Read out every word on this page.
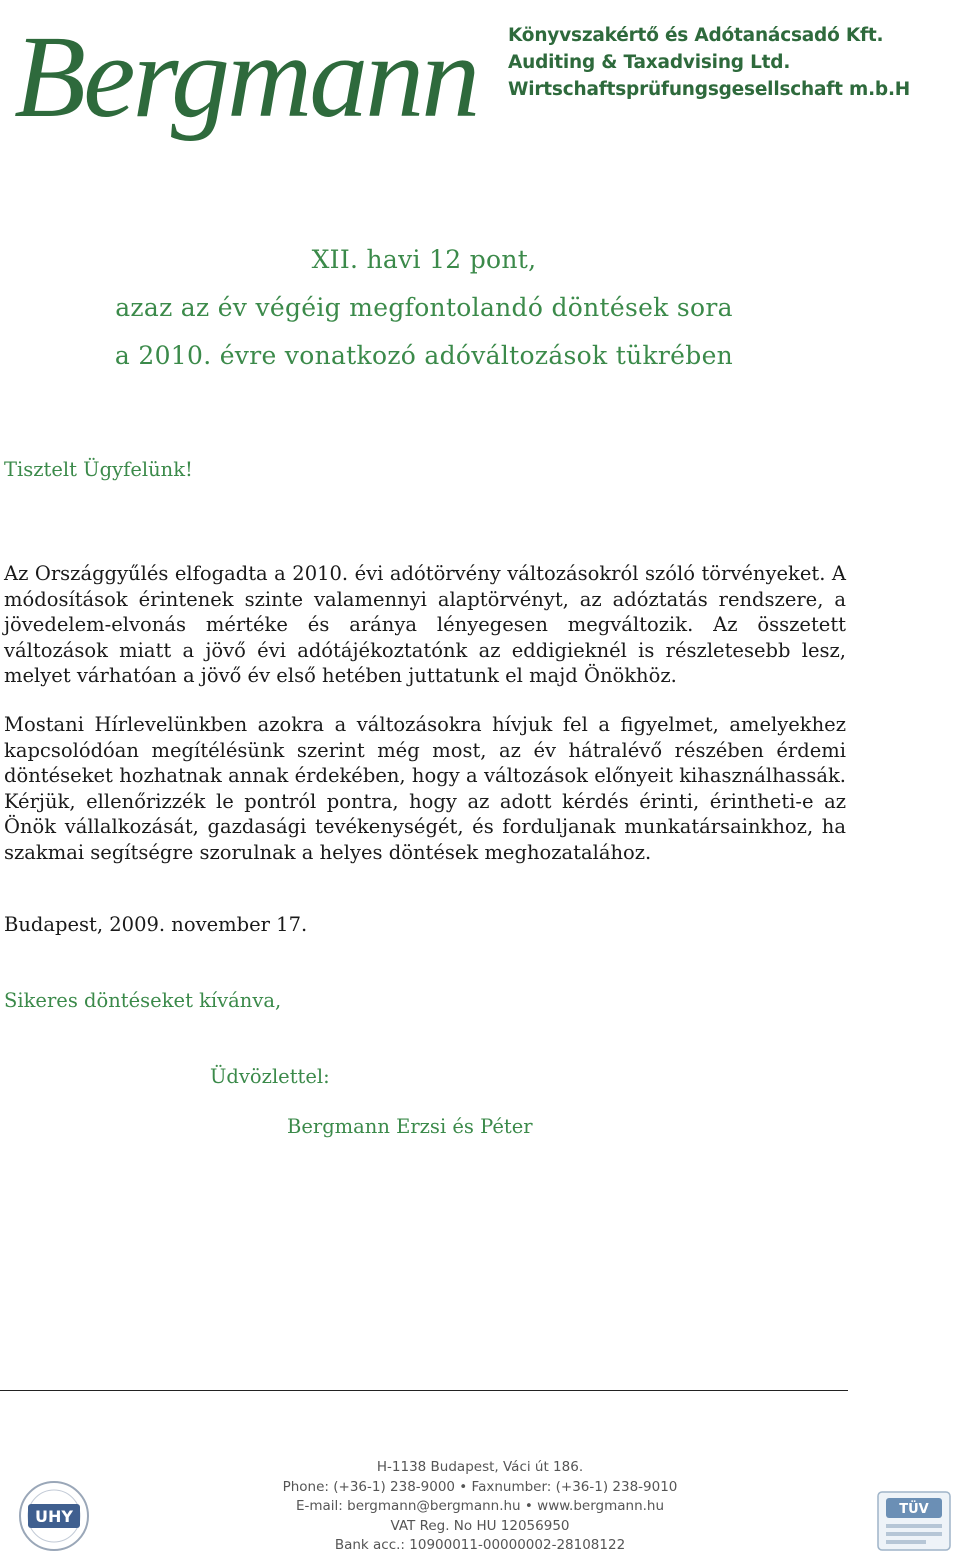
Bergmann Könyvszakértő és Adótanácsadó Kft.
Auditing & Taxadvising Ltd.
Wirtschaftsprüfungsgesellschaft m.b.H
XII. havi 12 pont,
azaz az év végéig megfontolandó döntések sora
a 2010. évre vonatkozó adóváltozások tükrében
Tisztelt Ügyfelünk!
Az Országgyűlés elfogadta a 2010. évi adótörvény változásokról szóló törvényeket. A módosítások érintenek szinte valamennyi alaptörvényt, az adóztatás rendszere, a jövedelem-elvonás mértéke és aránya lényegesen megváltozik. Az összetett változások miatt a jövő évi adótájékoztatónk az eddigieknél is részletesebb lesz, melyet várhatóan a jövő év első hetében juttatunk el majd Önökhöz.
Mostani Hírlevelünkben azokra a változásokra hívjuk fel a figyelmet, amelyekhez kapcsolódóan megítélésünk szerint még most, az év hátralévő részében érdemi döntéseket hozhatnak annak érdekében, hogy a változások előnyeit kihasználhassák. Kérjük, ellenőrizzék le pontról pontra, hogy az adott kérdés érinti, érintheti-e az Önök vállalkozását, gazdasági tevékenységét, és forduljanak munkatársainkhoz, ha szakmai segítségre szorulnak a helyes döntések meghozatalához.
Budapest, 2009. november 17.
Sikeres döntéseket kívánva,
Üdvözlettel:
Bergmann Erzsi és Péter
UHY
H-1138 Budapest, Váci út 186.
Phone: (+36-1) 238-9000 • Faxnumber: (+36-1) 238-9010
E-mail: bergmann@bergmann.hu • www.bergmann.hu
VAT Reg. No HU 12056950
Bank acc.: 10900011-00000002-28108122
TÜV
